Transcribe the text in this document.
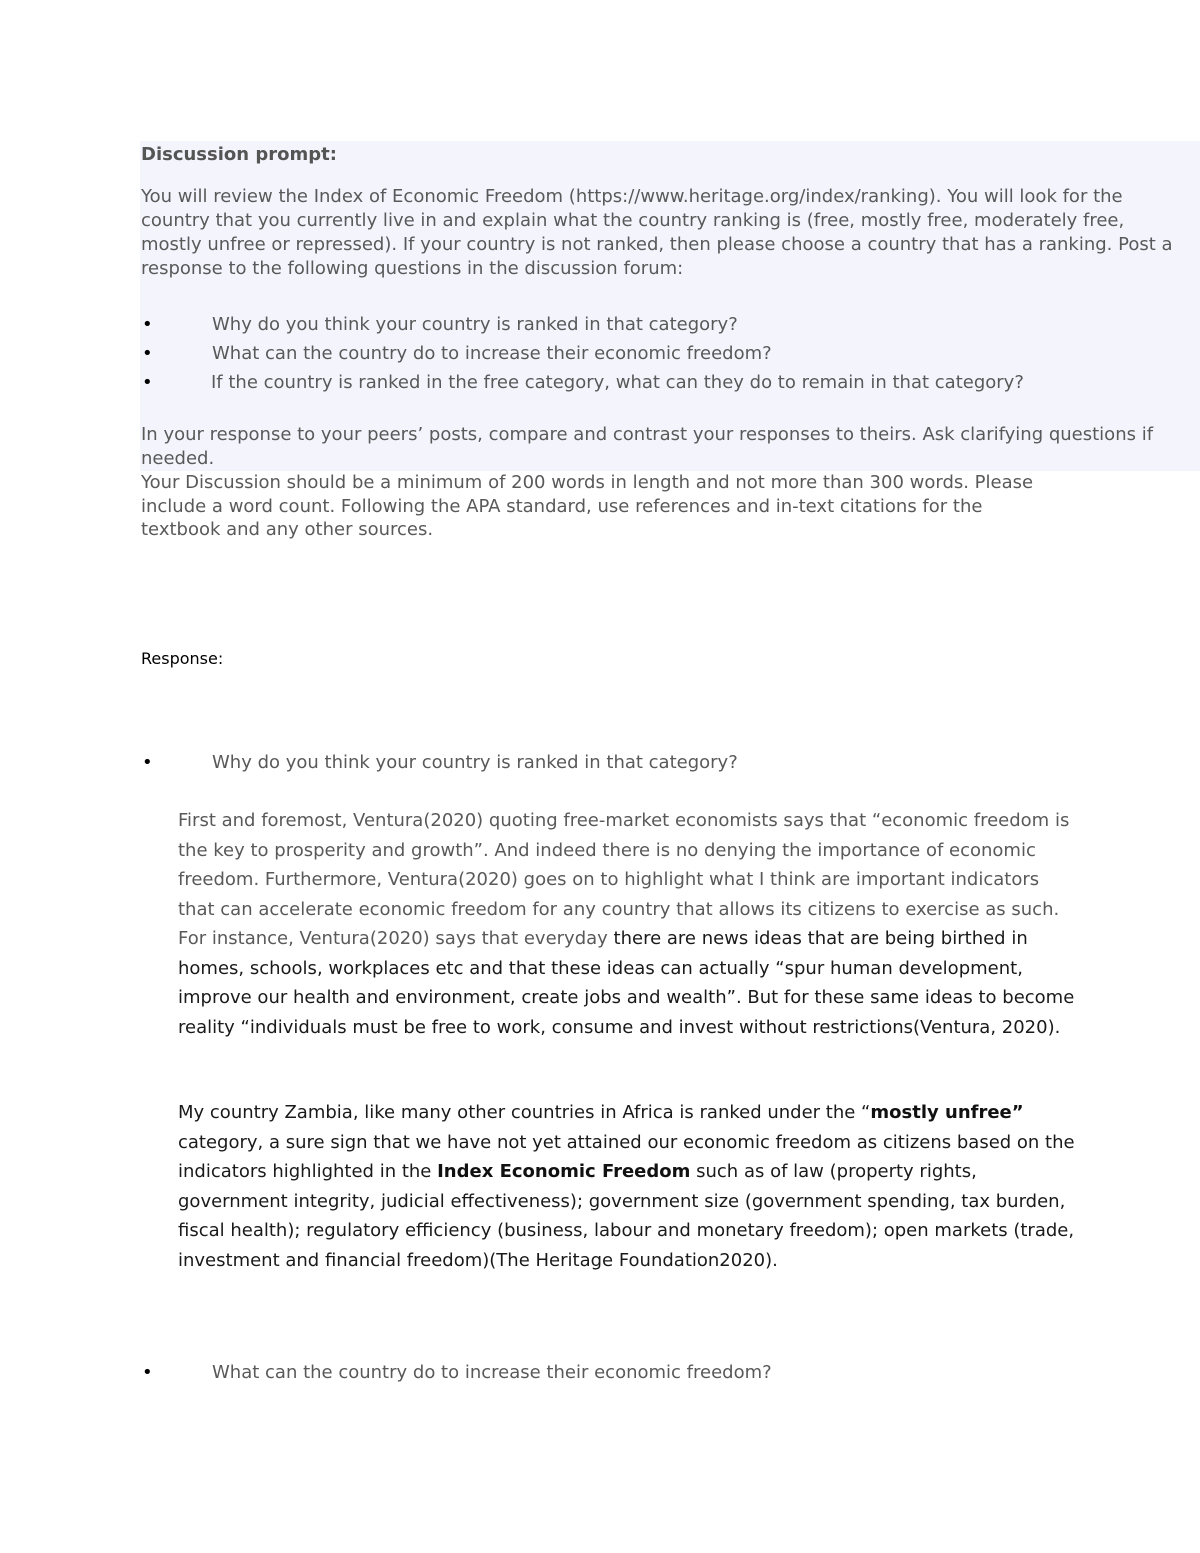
Discussion prompt:
You will review the Index of Economic Freedom (https://www.heritage.org/index/ranking). You will look for the country that you currently live in and explain what the country ranking is (free, mostly free, moderately free, mostly unfree or repressed). If your country is not ranked, then please choose a country that has a ranking. Post a response to the following questions in the discussion forum:
•	Why do you think your country is ranked in that category?
•	What can the country do to increase their economic freedom?
•	If the country is ranked in the free category, what can they do to remain in that category?
In your response to your peers’ posts, compare and contrast your responses to theirs. Ask clarifying questions if needed.
Your Discussion should be a minimum of 200 words in length and not more than 300 words. Please include a word count. Following the APA standard, use references and in-text citations for the textbook and any other sources.
Response:
•	Why do you think your country is ranked in that category?
First and foremost, Ventura(2020) quoting free-market economists says that “economic freedom is the key to prosperity and growth”. And indeed there is no denying the importance of economic freedom. Furthermore, Ventura(2020) goes on to highlight what I think are important indicators that can accelerate economic freedom for any country that allows its citizens to exercise as such. For instance, Ventura(2020) says that everyday there are news ideas that are being birthed in homes, schools, workplaces etc and that these ideas can actually “spur human development, improve our health and environment, create jobs and wealth”. But for these same ideas to become reality “individuals must be free to work, consume and invest without restrictions(Ventura, 2020).
My country Zambia, like many other countries in Africa is ranked under the “mostly unfree” category, a sure sign that we have not yet attained our economic freedom as citizens based on the indicators highlighted in the Index Economic Freedom such as of law (property rights, government integrity, judicial effectiveness); government size (government spending, tax burden, fiscal health); regulatory efficiency (business, labour and monetary freedom); open markets (trade, investment and financial freedom)(The Heritage Foundation2020).
•	What can the country do to increase their economic freedom?
